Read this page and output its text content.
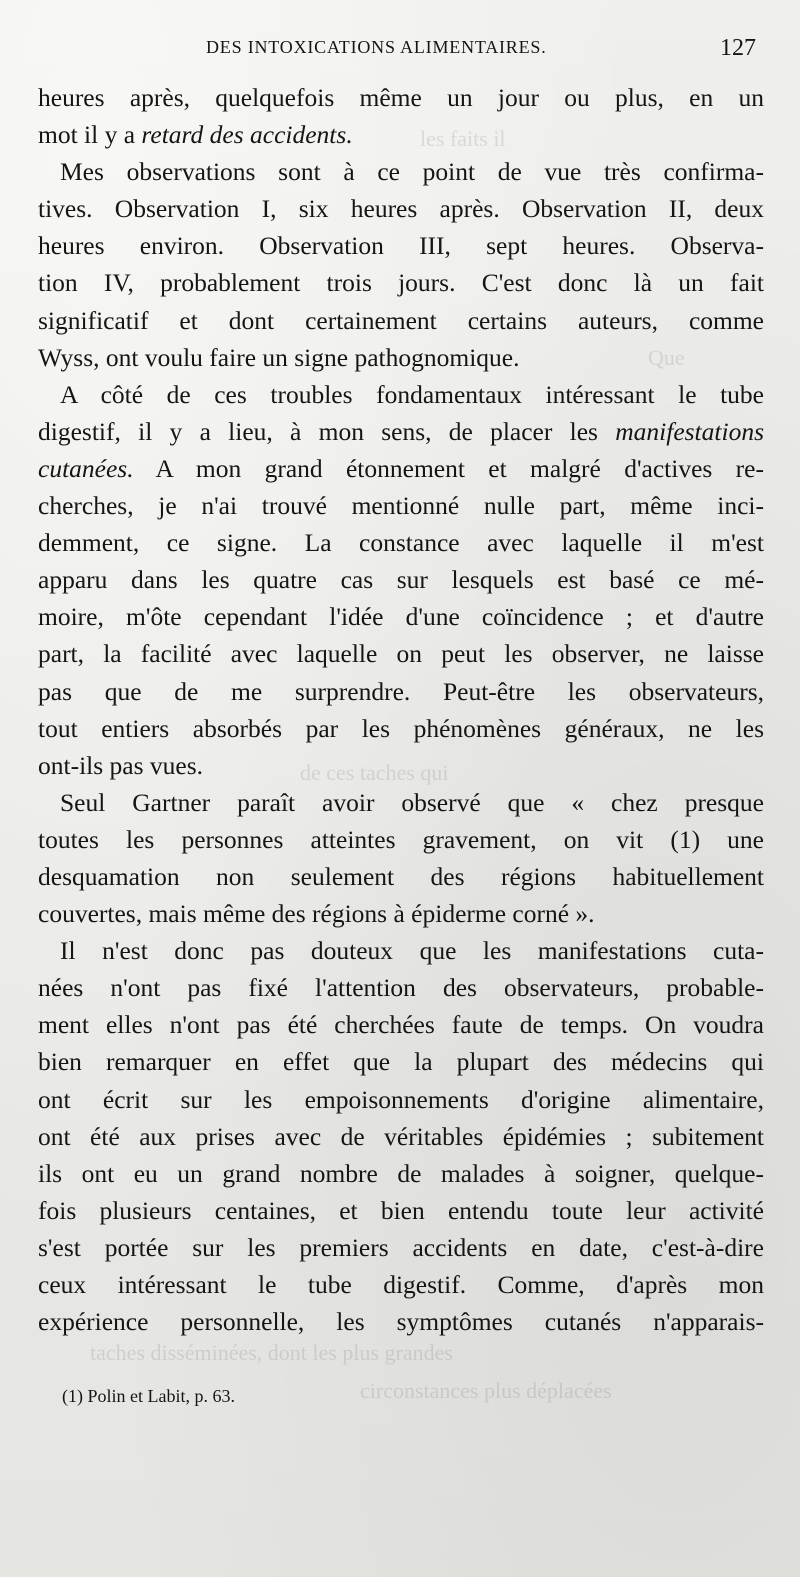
les faits il
Que
de ces taches qui
taches disséminées, dont les plus grandes
circonstances plus déplacées
DES INTOXICATIONS ALIMENTAIRES.	127
heures après, quelquefois même un jour ou plus, en un
mot il y a retard des accidents.
Mes observations sont à ce point de vue très confirma-
tives. Observation I, six heures après. Observation II, deux
heures environ. Observation III, sept heures. Observa-
tion IV, probablement trois jours. C'est donc là un fait
significatif et dont certainement certains auteurs, comme
Wyss, ont voulu faire un signe pathognomique.
A côté de ces troubles fondamentaux intéressant le tube
digestif, il y a lieu, à mon sens, de placer les manifestations
cutanées. A mon grand étonnement et malgré d'actives re-
cherches, je n'ai trouvé mentionné nulle part, même inci-
demment, ce signe. La constance avec laquelle il m'est
apparu dans les quatre cas sur lesquels est basé ce mé-
moire, m'ôte cependant l'idée d'une coïncidence ; et d'autre
part, la facilité avec laquelle on peut les observer, ne laisse
pas que de me surprendre. Peut-être les observateurs,
tout entiers absorbés par les phénomènes généraux, ne les
ont-ils pas vues.
Seul Gartner paraît avoir observé que « chez presque
toutes les personnes atteintes gravement, on vit (1) une
desquamation non seulement des régions habituellement
couvertes, mais même des régions à épiderme corné ».
Il n'est donc pas douteux que les manifestations cuta-
nées n'ont pas fixé l'attention des observateurs, probable-
ment elles n'ont pas été cherchées faute de temps. On voudra
bien remarquer en effet que la plupart des médecins qui
ont écrit sur les empoisonnements d'origine alimentaire,
ont été aux prises avec de véritables épidémies ; subitement
ils ont eu un grand nombre de malades à soigner, quelque-
fois plusieurs centaines, et bien entendu toute leur activité
s'est portée sur les premiers accidents en date, c'est-à-dire
ceux intéressant le tube digestif. Comme, d'après mon
expérience personnelle, les symptômes cutanés n'apparais-
(1) Polin et Labit, p. 63.
